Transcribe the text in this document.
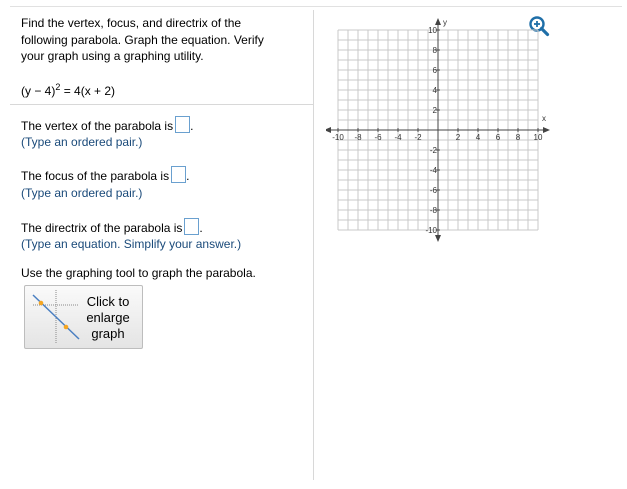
Find the vertex, focus, and directrix of the
following parabola. Graph the equation. Verify
your graph using a graphing utility.
$(y - 4)^2 = 4(x + 2)$
The vertex of the parabola is .
(Type an ordered pair.)
The focus of the parabola is .
(Type an ordered pair.)
The directrix of the parabola is .
(Type an equation. Simplify your answer.)
Use the graphing tool to graph the parabola.
Click to
enlarge
graph
-10 -8 -6 -4 -2	2 4 6 8 10
10
8
6
4
2
-2
-4
-6
-8
-10
x
y
